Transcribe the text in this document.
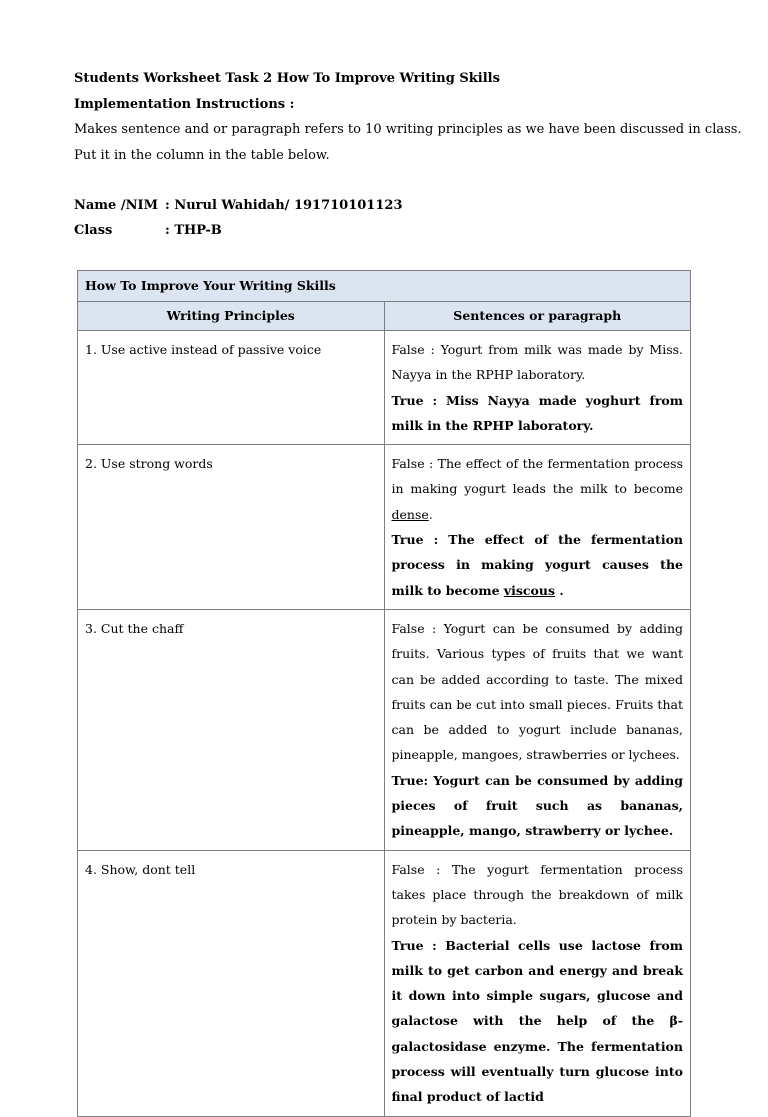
Students Worksheet Task 2 How To Improve Writing Skills
Implementation Instructions :
Makes sentence and or paragraph refers to 10 writing principles as we have been discussed in class.
Put it in the column in the table below.
Name /NIM : Nurul Wahidah/ 191710101123
Class	: THP-B
How To Improve Your Writing Skills	
Writing Principles	Sentences or paragraph
1. Use active instead of passive voice	False : Yogurt from milk was made by Miss. Nayya in the RPHP laboratory.
True : Miss Nayya made yoghurt from milk in the RPHP laboratory.

2. Use strong words	False : The effect of the fermentation process in making yogurt leads the milk to become dense.
True : The effect of the fermentation process in making yogurt causes the milk to become viscous .

3. Cut the chaff	False : Yogurt can be consumed by adding fruits. Various types of fruits that we want can be added according to taste. The mixed fruits can be cut into small pieces. Fruits that can be added to yogurt include bananas, pineapple, mangoes, strawberries or lychees.
True: Yogurt can be consumed by adding pieces of fruit such as bananas, pineapple, mango, strawberry or lychee.

4. Show, dont tell	False : The yogurt fermentation process takes place through the breakdown of milk protein by bacteria.
True : Bacterial cells use lactose from milk to get carbon and energy and break it down into simple sugars, glucose and galactose with the help of the β-galactosidase enzyme. The fermentation process will eventually turn glucose into final product of lactid
